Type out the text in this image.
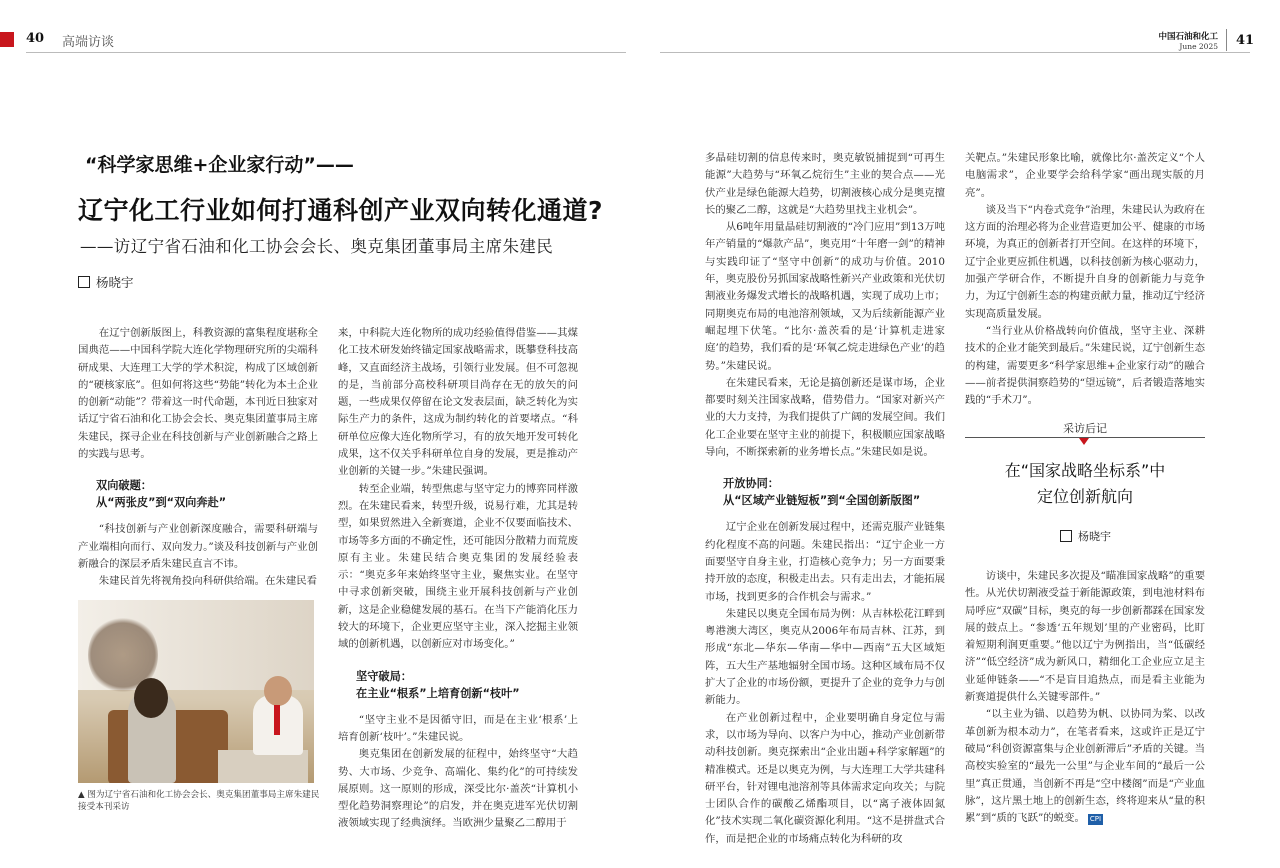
40 高端访谈	中国石油和化工
June 2025 41
“科学家思维+企业家行动”——
辽宁化工行业如何打通科创产业双向转化通道?
——访辽宁省石油和化工协会会长、奥克集团董事局主席朱建民
杨晓宇

在辽宁创新版图上，科教资源的富集程度堪称全国典范——中国科学院大连化学物理研究所的尖端科研成果、大连理工大学的学术积淀，构成了区域创新的“硬核家底”。但如何将这些“势能”转化为本土企业的创新“动能”？带着这一时代命题，本刊近日独家对话辽宁省石油和化工协会会长、奥克集团董事局主席朱建民，探寻企业在科技创新与产业创新融合之路上的实践与思考。

双向破题：
从“两张皮”到“双向奔赴”

“科技创新与产业创新深度融合，需要科研端与产业端相向而行、双向发力。”谈及科技创新与产业创新融合的深层矛盾朱建民直言不讳。

朱建民首先将视角投向科研供给端。在朱建民看

▲ 图为辽宁省石油和化工协会会长、奥克集团董事局主席朱建民接受本刊采访

来，中科院大连化物所的成功经验值得借鉴——其煤化工技术研发始终锚定国家战略需求，既攀登科技高峰，又直面经济主战场，引领行业发展。但不可忽视的是，当前部分高校科研项目尚存在无的放矢的问题，一些成果仅停留在论文发表层面，缺乏转化为实际生产力的条件，这成为制约转化的首要堵点。“科研单位应像大连化物所学习，有的放矢地开发可转化成果，这不仅关乎科研单位自身的发展，更是推动产业创新的关键一步。”朱建民强调。

转至企业端，转型焦虑与坚守定力的博弈同样激烈。在朱建民看来，转型升级，说易行难，尤其是转型，如果贸然进入全新赛道，企业不仅要面临技术、市场等多方面的不确定性，还可能因分散精力而荒废原有主业。朱建民结合奥克集团的发展经验表示：“奥克多年来始终坚守主业，聚焦实业。在坚守中寻求创新突破，围绕主业开展科技创新与产业创新，这是企业稳健发展的基石。在当下产能消化压力较大的环境下，企业更应坚守主业，深入挖掘主业领域的创新机遇，以创新应对市场变化。”

坚守破局：
在主业“根系”上培育创新“枝叶”

“坚守主业不是因循守旧，而是在主业‘根系’上培育创新‘枝叶’。”朱建民说。

奥克集团在创新发展的征程中，始终坚守“大趋势、大市场、少竞争、高端化、集约化”的可持续发展原则。这一原则的形成，深受比尔·盖茨“计算机小型化趋势洞察理论”的启发，并在奥克进军光伏切割液领域实现了经典演绎。当欧洲少量聚乙二醇用于

多晶硅切割的信息传来时，奥克敏锐捕捉到“可再生能源”大趋势与“环氧乙烷衍生”主业的契合点——光伏产业是绿色能源大趋势，切割液核心成分是奥克擅长的聚乙二醇，这就是“大趋势里找主业机会”。

从6吨年用量晶硅切割液的“冷门应用”到13万吨年产销量的“爆款产品”，奥克用“十年磨一剑”的精神与实践印证了“坚守中创新”的成功与价值。2010年，奥克股份另抓国家战略性新兴产业政策和光伏切割液业务爆发式增长的战略机遇，实现了成功上市；同期奥克布局的电池溶剂领域，又为后续新能源产业崛起埋下伏笔。“比尔·盖茨看的是‘计算机走进家庭’的趋势，我们看的是‘环氧乙烷走进绿色产业’的趋势。”朱建民说。

在朱建民看来，无论是搞创新还是谋市场，企业都要时刻关注国家战略，借势借力。“国家对新兴产业的大力支持，为我们提供了广阔的发展空间。我们化工企业要在坚守主业的前提下，积极顺应国家战略导向，不断探索新的业务增长点。”朱建民如是说。

开放协同：
从“区域产业链短板”到“全国创新版图”

辽宁企业在创新发展过程中，还需克服产业链集约化程度不高的问题。朱建民指出：“辽宁企业一方面要坚守自身主业，打造核心竞争力；另一方面要秉持开放的态度，积极走出去。只有走出去，才能拓展市场，找到更多的合作机会与需求。”

朱建民以奥克全国布局为例：从吉林松花江畔到粤港澳大湾区，奥克从2006年布局吉林、江苏，到形成“东北—华东—华南—华中—西南”五大区域矩阵，五大生产基地辐射全国市场。这种区域布局不仅扩大了企业的市场份额，更提升了企业的竞争力与创新能力。

在产业创新过程中，企业要明确自身定位与需求，以市场为导向、以客户为中心，推动产业创新带动科技创新。奥克探索出“企业出题+科学家解题”的精准模式。还是以奥克为例，与大连理工大学共建科研平台，针对锂电池溶剂等具体需求定向攻关；与院士团队合作的碳酸乙烯酯项目，以“离子液体固氮化”技术实现二氧化碳资源化利用。“这不是拼盘式合作，而是把企业的市场痛点转化为科研的攻

关靶点。”朱建民形象比喻，就像比尔·盖茨定义“个人电脑需求”，企业要学会给科学家“画出现实版的月亮”。

谈及当下“内卷式竞争”治理，朱建民认为政府在这方面的治理必将为企业营造更加公平、健康的市场环境，为真正的创新者打开空间。在这样的环境下，辽宁企业更应抓住机遇，以科技创新为核心驱动力，加强产学研合作，不断提升自身的创新能力与竞争力，为辽宁创新生态的构建贡献力量，推动辽宁经济实现高质量发展。

“当行业从价格战转向价值战，坚守主业、深耕技术的企业才能笑到最后。”朱建民说，辽宁创新生态的构建，需要更多“科学家思维+企业家行动”的融合——前者提供洞察趋势的“望远镜”，后者锻造落地实践的“手术刀”。

采访后记
在“国家战略坐标系”中
定位创新航向
杨晓宇

访谈中，朱建民多次提及“瞄准国家战略”的重要性。从光伏切割液受益于新能源政策，到电池材料布局呼应“双碳”目标，奥克的每一步创新都踩在国家发展的鼓点上。“参透‘五年规划’里的产业密码，比盯着短期利润更重要。”他以辽宁为例指出，当“低碳经济”“低空经济”成为新风口，精细化工企业应立足主业延伸链条——“不是盲目追热点，而是看主业能为新赛道提供什么关键零部件。”

“以主业为锚、以趋势为帆、以协同为桨、以改革创新为根本动力”，在笔者看来，这或许正是辽宁破局“科创资源富集与企业创新滞后”矛盾的关键。当高校实验室的“最先一公里”与企业车间的“最后一公里”真正贯通，当创新不再是“空中楼阁”而是“产业血脉”，这片黑土地上的创新生态，终将迎来从“量的积累”到“质的飞跃”的蜕变。 CPI
